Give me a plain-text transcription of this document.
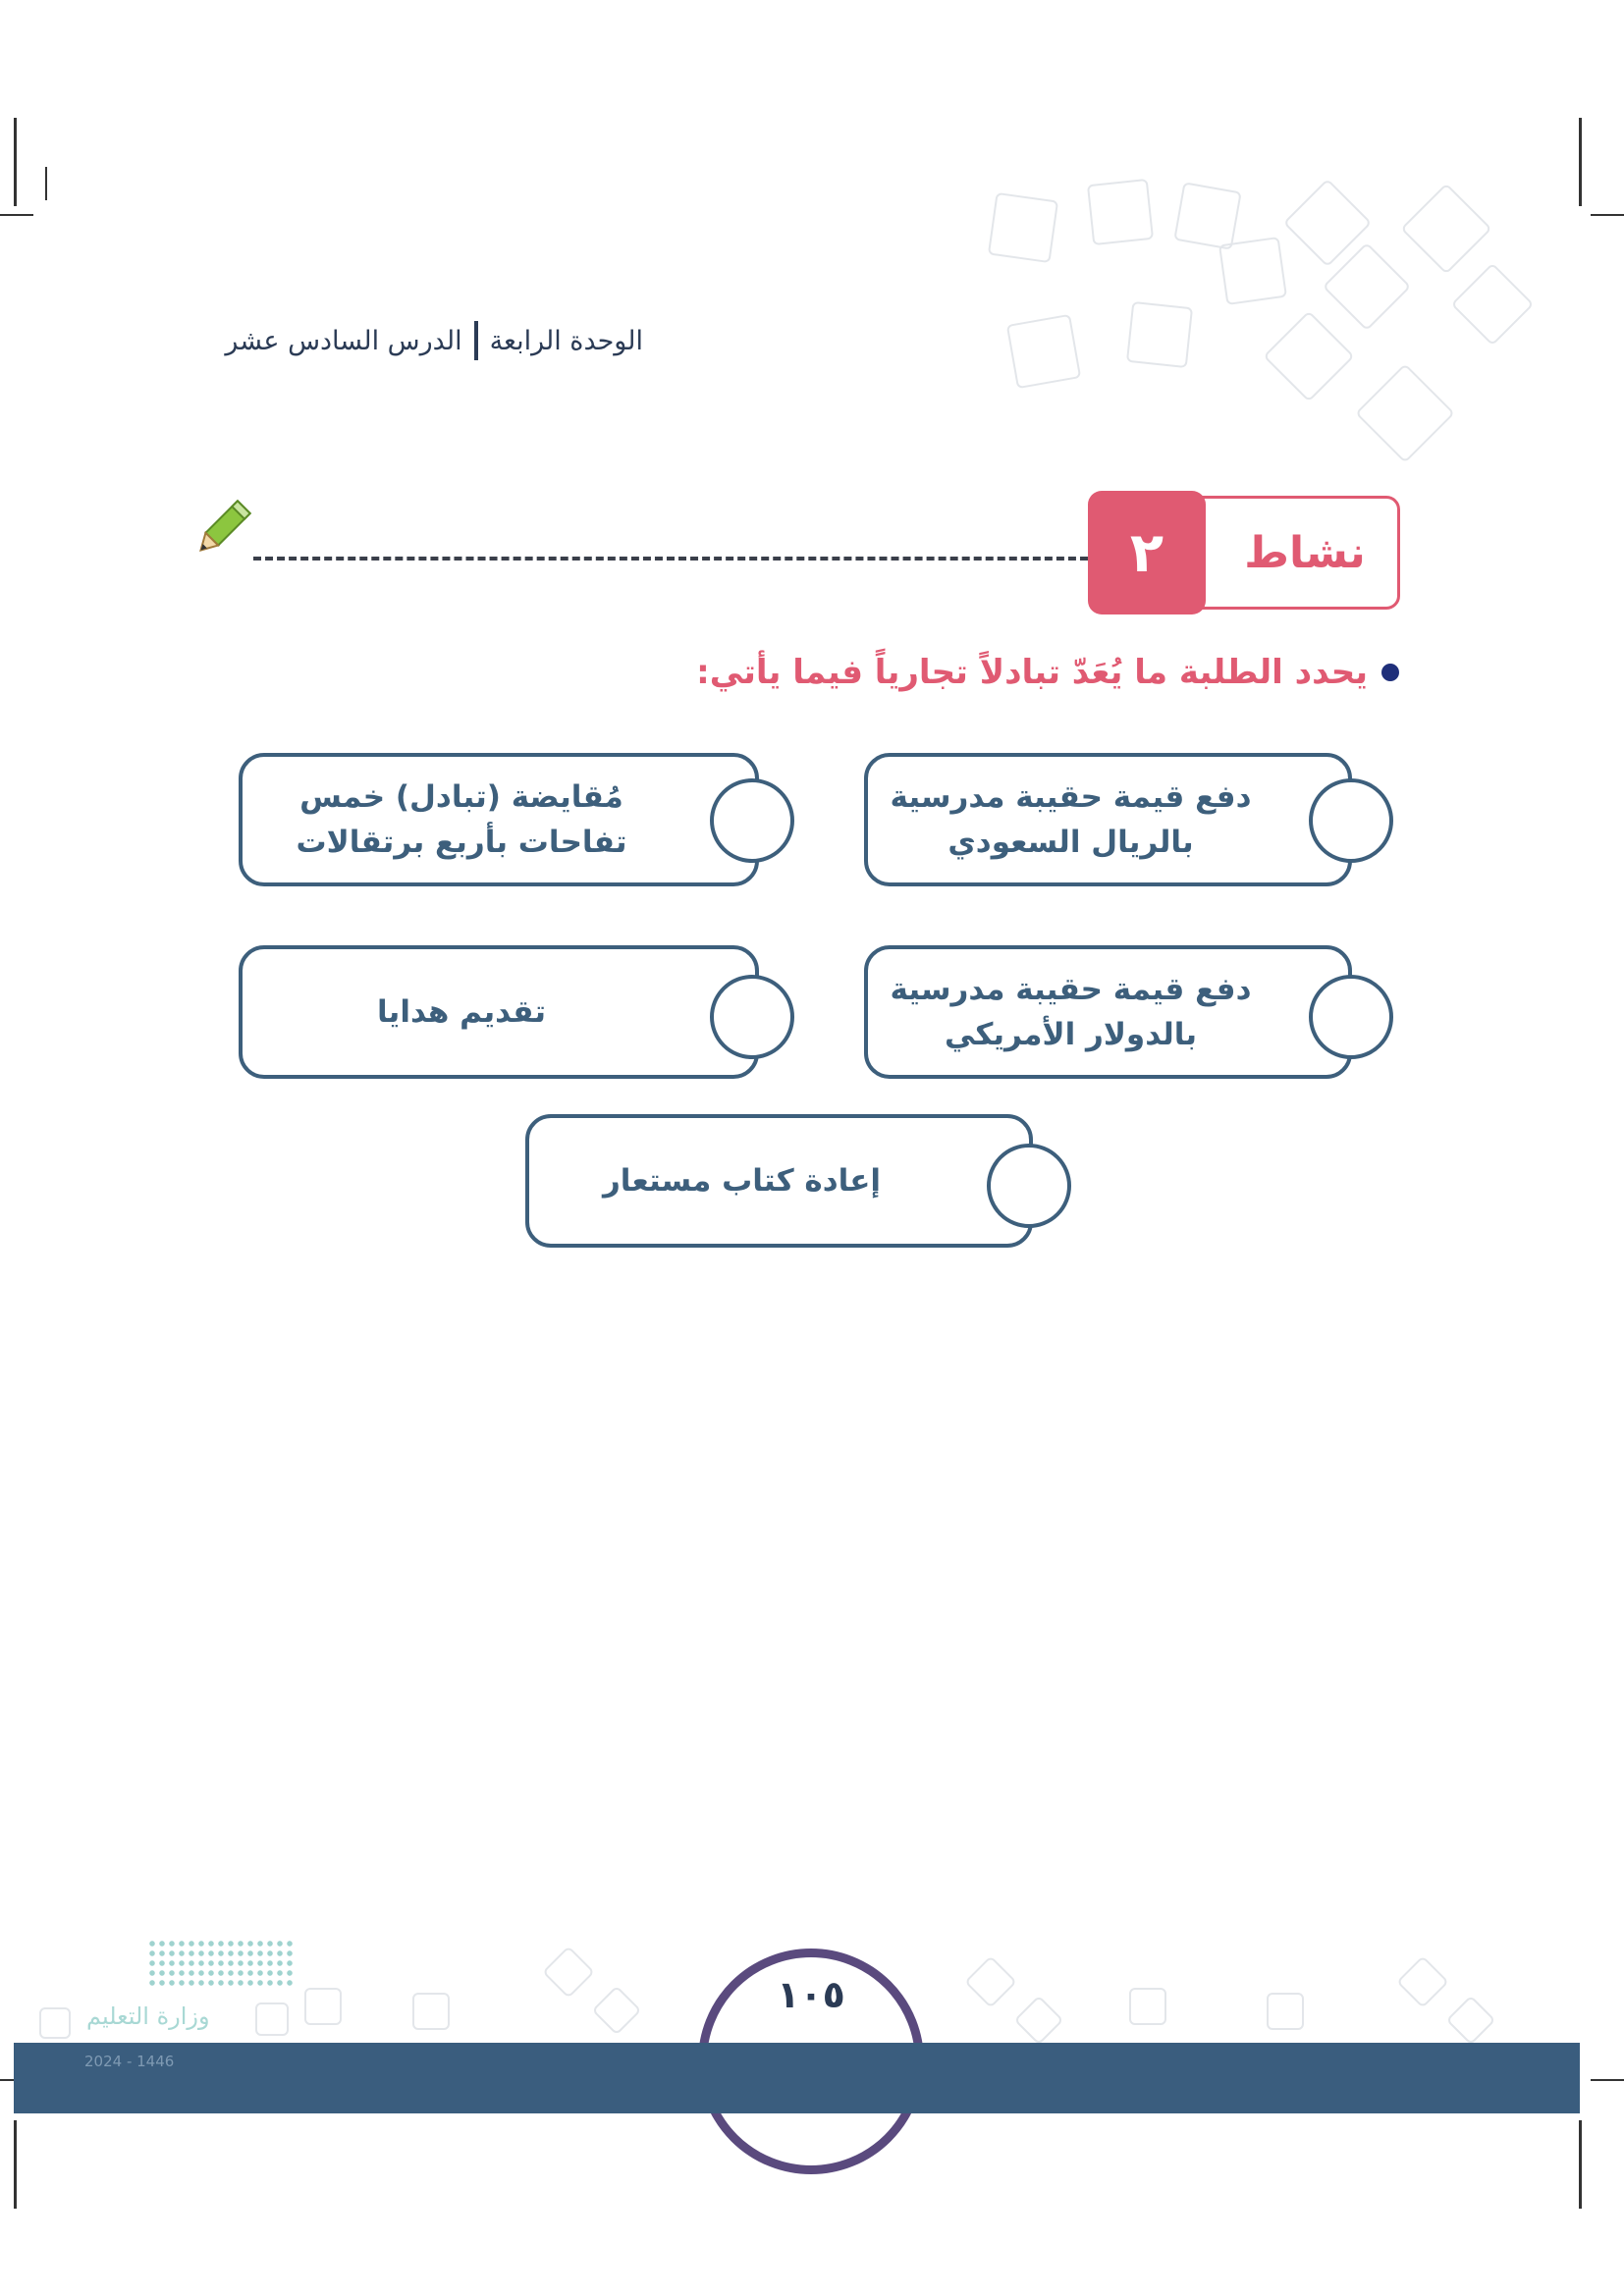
الوحدة الرابعة
الدرس السادس عشر
نشاط
٢
يحدد الطلبة ما يُعَدّ تبادلاً تجارياً فيما يأتي:
دفع قيمة حقيبة مدرسية
بالريال السعودي
مُقايضة (تبادل) خمس
تفاحات بأربع برتقالات
دفع قيمة حقيبة مدرسية
بالدولار الأمريكي
تقديم هدايا
إعادة كتاب مستعار
١٠٥
وزارة التعليم
2024 - 1446
